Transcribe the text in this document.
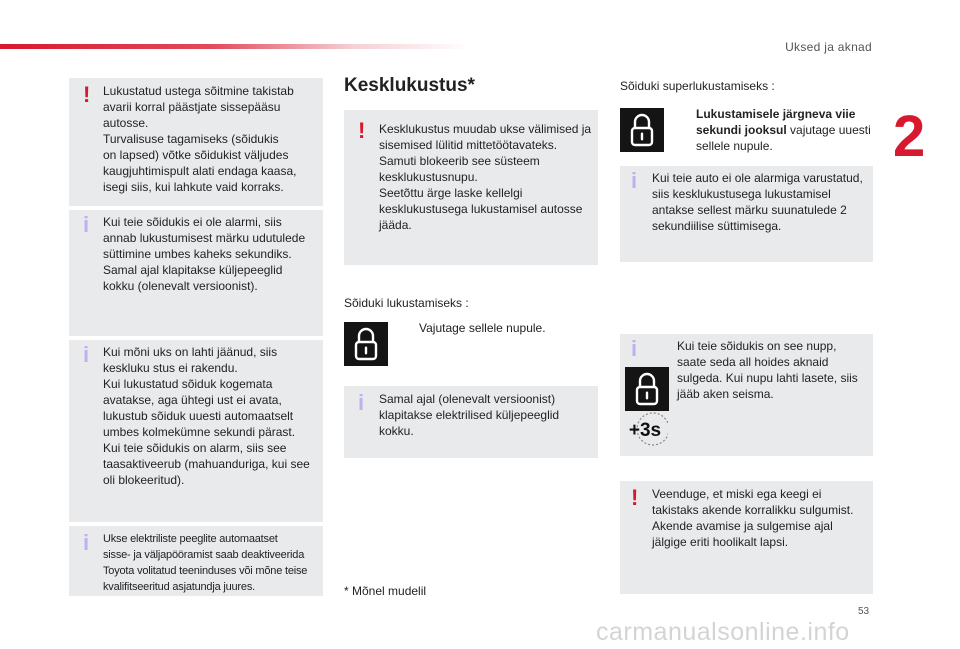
Uksed ja aknad
2
! Lukustatud ustega sõitmine takistab
avarii korral päästjate sissepääsu
autosse.
Turvalisuse tagamiseks (sõidukis
on lapsed) võtke sõidukist väljudes
kaugjuhtimispult alati endaga kaasa,
isegi siis, kui lahkute vaid korraks.
i Kui teie sõidukis ei ole alarmi, siis
annab lukustumisest märku udutulede
süttimine umbes kaheks sekundiks.
Samal ajal klapitakse küljepeeglid
kokku (olenevalt versioonist).
i Kui mõni uks on lahti jäänud, siis
keskluku stus ei rakendu.
Kui lukustatud sõiduk kogemata
avatakse, aga ühtegi ust ei avata,
lukustub sõiduk uuesti automaatselt
umbes kolmekümne sekundi pärast.
Kui teie sõidukis on alarm, siis see
taasaktiveerub (mahuanduriga, kui see
oli blokeeritud).
i Ukse elektriliste peeglite automaatset
sisse- ja väljapööramist saab deaktiveerida
Toyota volitatud teeninduses või mõne teise
kvalifitseeritud asjatundja juures.
Kesklukustus*
! Kesklukustus muudab ukse välimised ja
sisemised lülitid mittetöötavateks.
Samuti blokeerib see süsteem
kesklukustusnupu.
Seetõttu ärge laske kellelgi
kesklukustusega lukustamisel autosse
jääda.
Sõiduki lukustamiseks :
Vajutage sellele nupule.
i Samal ajal (olenevalt versioonist)
klapitakse elektrilised küljepeeglid
kokku.
* Mõnel mudelil
Sõiduki superlukustamiseks :
Lukustamisele järgneva viie
sekundi jooksul vajutage uuesti
sellele nupule.
i Kui teie auto ei ole alarmiga varustatud,
siis kesklukustusega lukustamisel
antakse sellest märku suunatulede 2
sekundiilise süttimisega.
i	Kui teie sõidukis on see nupp,
saate seda all hoides aknaid
sulgeda. Kui nupu lahti lasete, siis
jääb aken seisma.
+3s
! Veenduge, et miski ega keegi ei
takistaks akende korralikku sulgumist.
Akende avamise ja sulgemise ajal
jälgige eriti hoolikalt lapsi.
53
carmanualsonline.info
